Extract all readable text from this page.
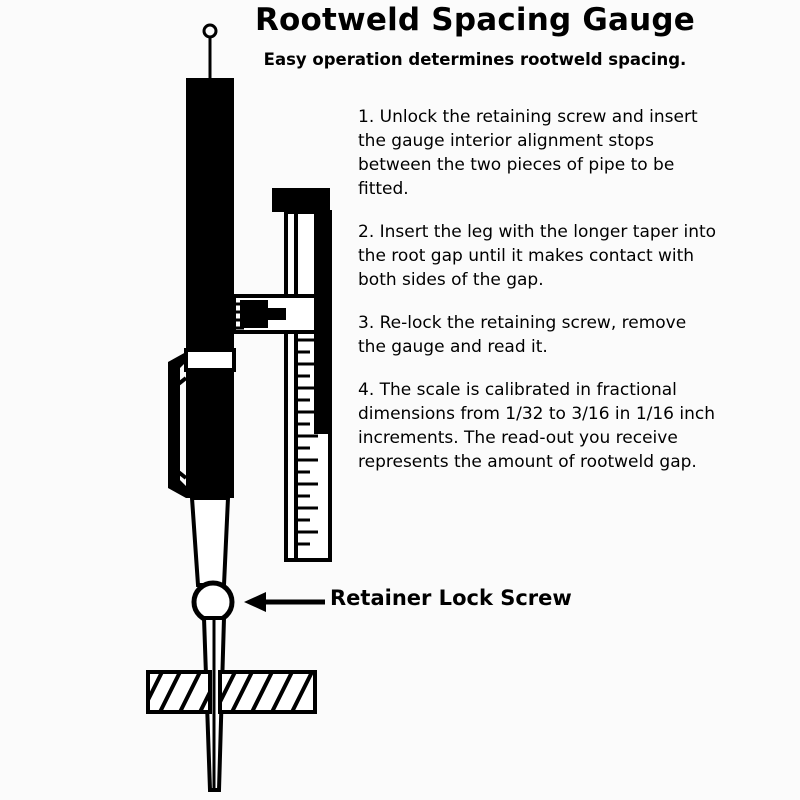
Rootweld Spacing Gauge
Easy operation determines rootweld spacing.

1. Unlock the retaining screw and insert the gauge interior alignment stops between the two pieces of pipe to be fitted.

2. Insert the leg with the longer taper into the root gap until it makes contact with both sides of the gap.

3. Re-lock the retaining screw, remove the gauge and read it.

4. The scale is calibrated in fractional dimensions from 1/32 to 3/16 in 1/16 inch increments. The read-out you receive represents the amount of rootweld gap.

Retainer Lock Screw
